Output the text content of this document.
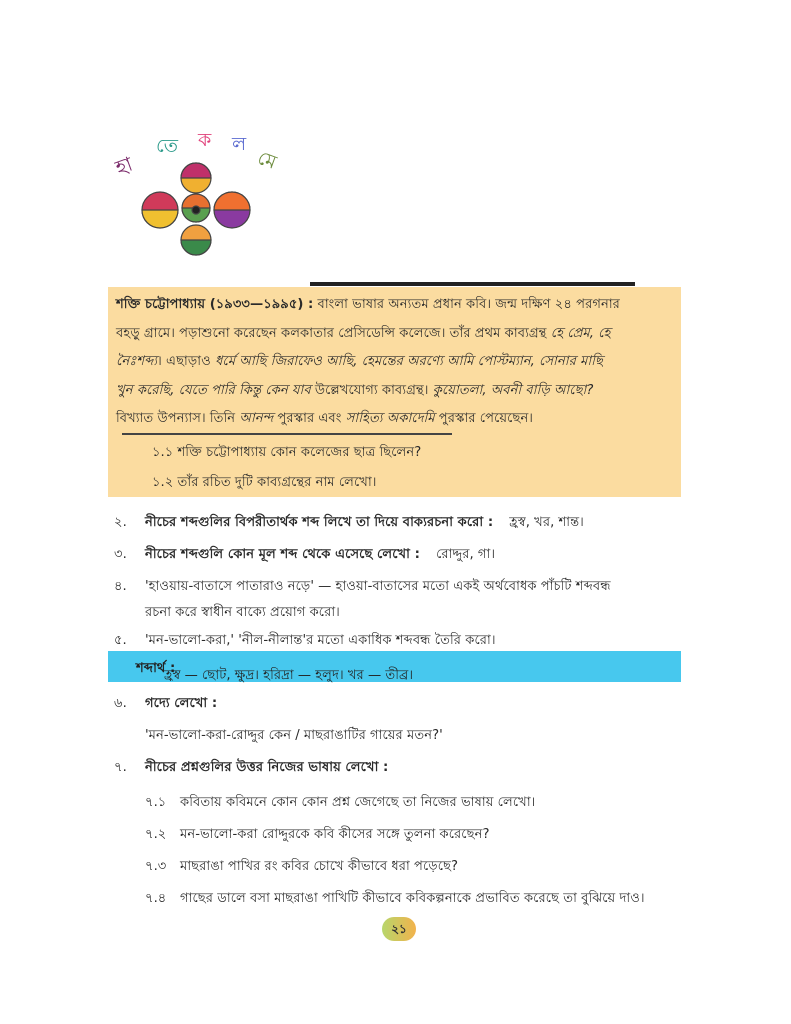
হা
তে ক ল
মে
শক্তি চট্টোপাধ্যায় (১৯৩৩—১৯৯৫) : বাংলা ভাষার অন্যতম প্রধান কবি। জন্ম দক্ষিণ ২৪ পরগনার
বহড়ু গ্রামে। পড়াশুনো করেছেন কলকাতার প্রেসিডেন্সি কলেজে। তাঁর প্রথম কাব্যগ্রন্থ হে প্রেম, হে
নৈঃশব্দ্য। এছাড়াও ধর্মে আছি জিরাফেও আছি, হেমন্তের অরণ্যে আমি পোস্টম্যান, সোনার মাছি
খুন করেছি, যেতে পারি কিন্তু কেন যাব উল্লেখযোগ্য কাব্যগ্রন্থ। কুয়োতলা, অবনী বাড়ি আছো?
বিখ্যাত উপন্যাস। তিনি আনন্দ পুরস্কার এবং সাহিত্য অকাদেমি পুরস্কার পেয়েছেন।
১.১ শক্তি চট্টোপাধ্যায় কোন কলেজের ছাত্র ছিলেন?
১.২ তাঁর রচিত দুটি কাব্যগ্রন্থের নাম লেখো।
২. নীচের শব্দগুলির বিপরীতার্থক শব্দ লিখে তা দিয়ে বাক্যরচনা করো : হ্রস্ব, খর, শান্ত।
৩. নীচের শব্দগুলি কোন মূল শব্দ থেকে এসেছে লেখো : রোদ্দুর, গা।
৪. 'হাওয়ায়-বাতাসে পাতারাও নড়ে' — হাওয়া-বাতাসের মতো একই অর্থবোধক পাঁচটি শব্দবন্ধ
রচনা করে স্বাধীন বাক্যে প্রয়োগ করো।
৫. 'মন-ভালো-করা,' 'নীল-নীলান্ত'র মতো একাধিক শব্দবন্ধ তৈরি করো।
শব্দার্থ :
হ্রস্ব — ছোট, ক্ষুদ্র। হরিদ্রা — হলুদ। খর — তীব্র।
৬. গদ্যে লেখো :
'মন-ভালো-করা-রোদ্দুর কেন / মাছরাঙাটির গায়ের মতন?'
৭. নীচের প্রশ্নগুলির উত্তর নিজের ভাষায় লেখো :
৭.১ কবিতায় কবিমনে কোন কোন প্রশ্ন জেগেছে তা নিজের ভাষায় লেখো।
৭.২ মন-ভালো-করা রোদ্দুরকে কবি কীসের সঙ্গে তুলনা করেছেন?
৭.৩ মাছরাঙা পাখির রং কবির চোখে কীভাবে ধরা পড়েছে?
৭.৪ গাছের ডালে বসা মাছরাঙা পাখিটি কীভাবে কবিকল্পনাকে প্রভাবিত করেছে তা বুঝিয়ে দাও।
২১
